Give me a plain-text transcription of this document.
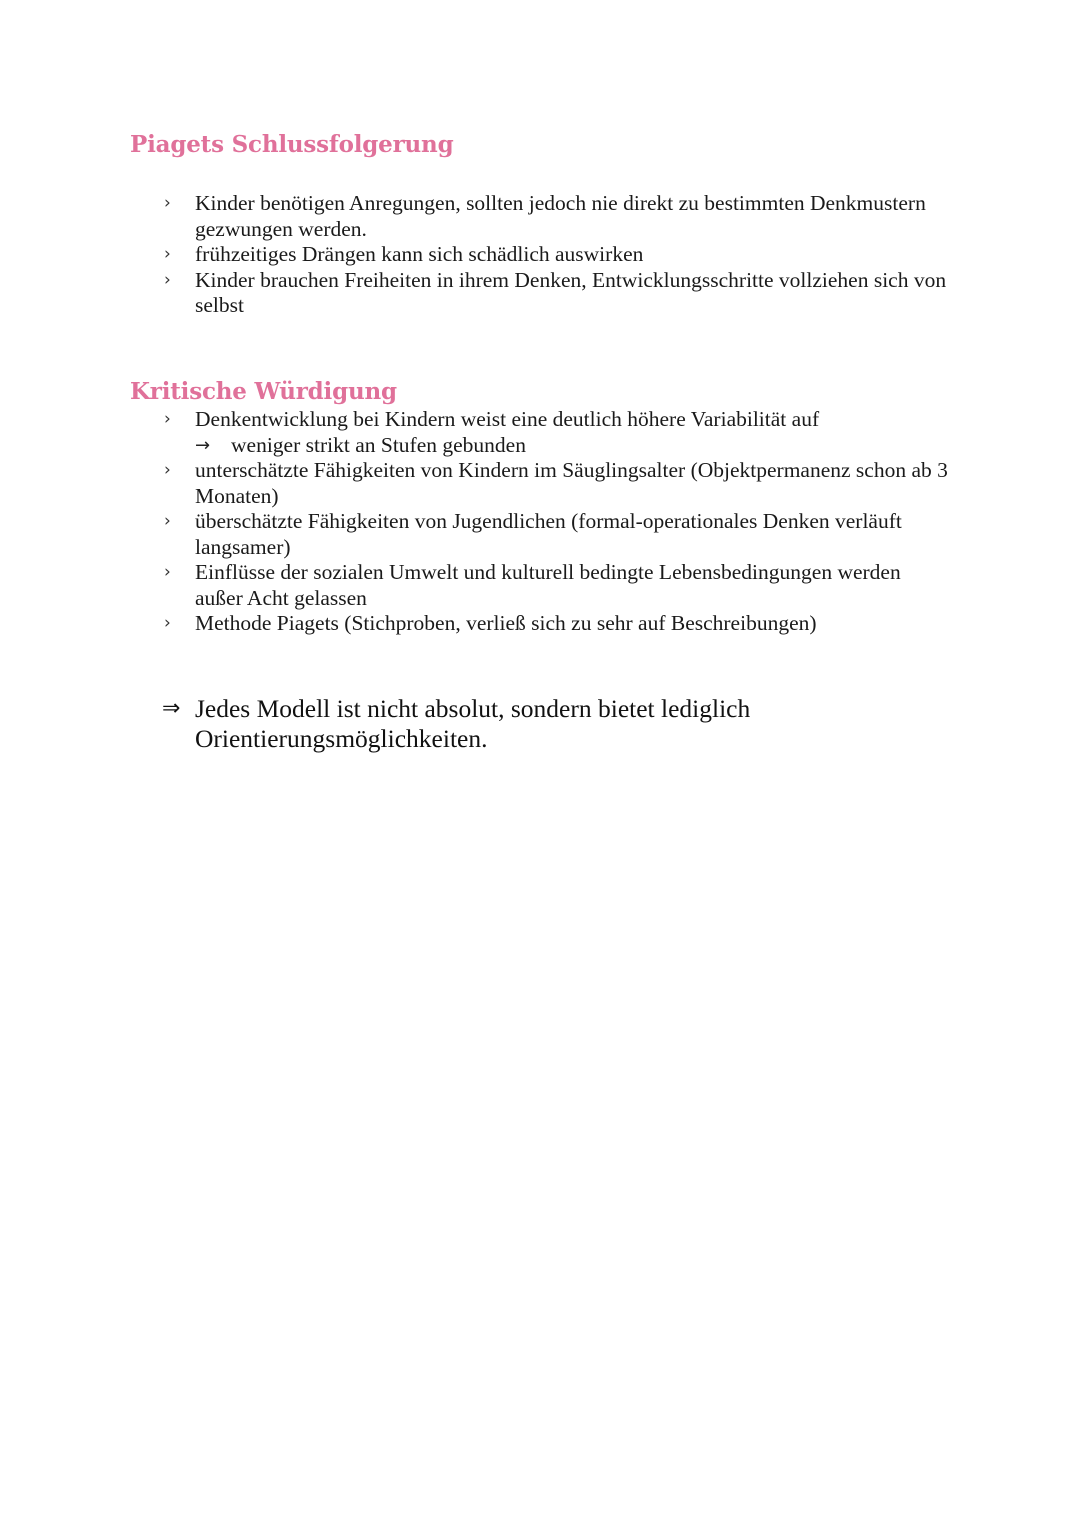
Piagets Schlussfolgerung
› Kinder benötigen Anregungen, sollten jedoch nie direkt zu bestimmten Denkmustern gezwungen werden.
› frühzeitiges Drängen kann sich schädlich auswirken
› Kinder brauchen Freiheiten in ihrem Denken, Entwicklungsschritte vollziehen sich von selbst
Kritische Würdigung
› Denkentwicklung bei Kindern weist eine deutlich höhere Variabilität auf
→ weniger strikt an Stufen gebunden
› unterschätzte Fähigkeiten von Kindern im Säuglingsalter (Objektpermanenz schon ab 3 Monaten)
› überschätzte Fähigkeiten von Jugendlichen (formal-operationales Denken verläuft langsamer)
› Einflüsse der sozialen Umwelt und kulturell bedingte Lebensbedingungen werden außer Acht gelassen
› Methode Piagets (Stichproben, verließ sich zu sehr auf Beschreibungen)
⇒ Jedes Modell ist nicht absolut, sondern bietet lediglich Orientierungsmöglichkeiten.
